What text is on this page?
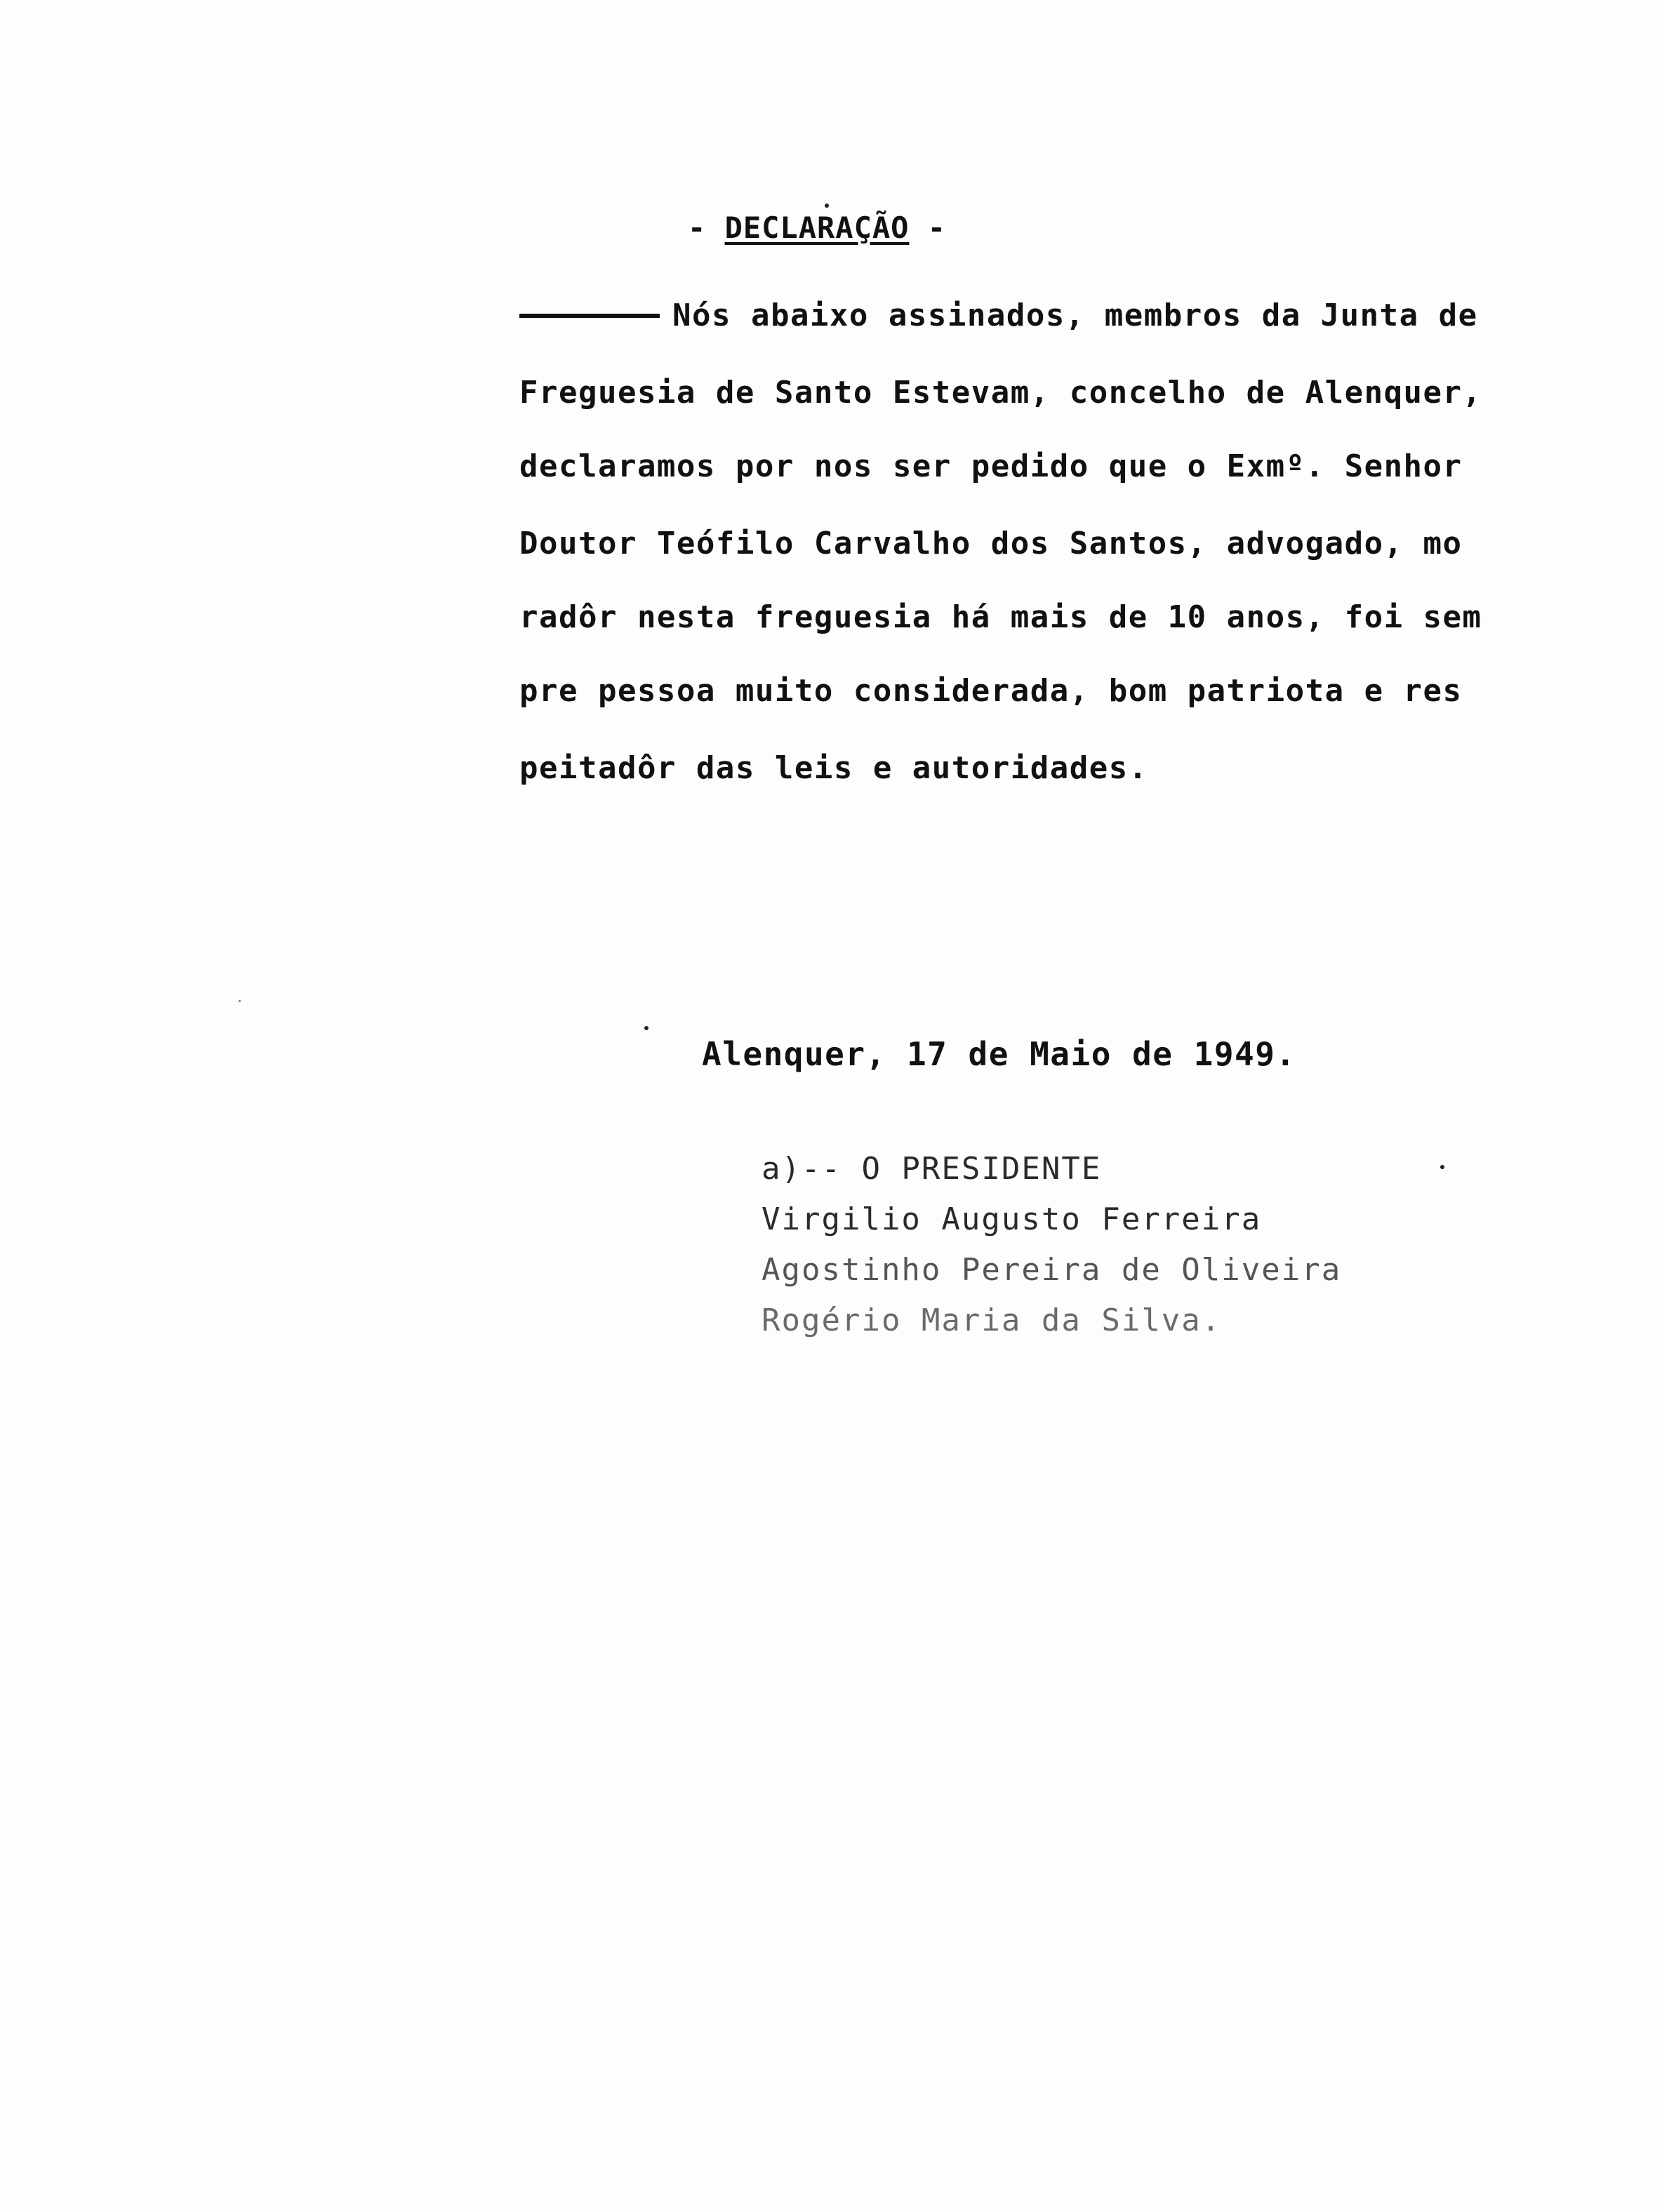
- DECLARAÇÃO -
Nós abaixo assinados, membros da Junta de
Freguesia de Santo Estevam, concelho de Alenquer,
declaramos por nos ser pedido que o Exmº. Senhor
Doutor Teófilo Carvalho dos Santos, advogado, mo
radôr nesta freguesia há mais de 10 anos, foi sem
pre pessoa muito considerada, bom patriota e res
peitadôr das leis e autoridades.
Alenquer, 17 de Maio de 1949.
a)-- O PRESIDENTE
Virgilio Augusto Ferreira
Agostinho Pereira de Oliveira
Rogério Maria da Silva.
